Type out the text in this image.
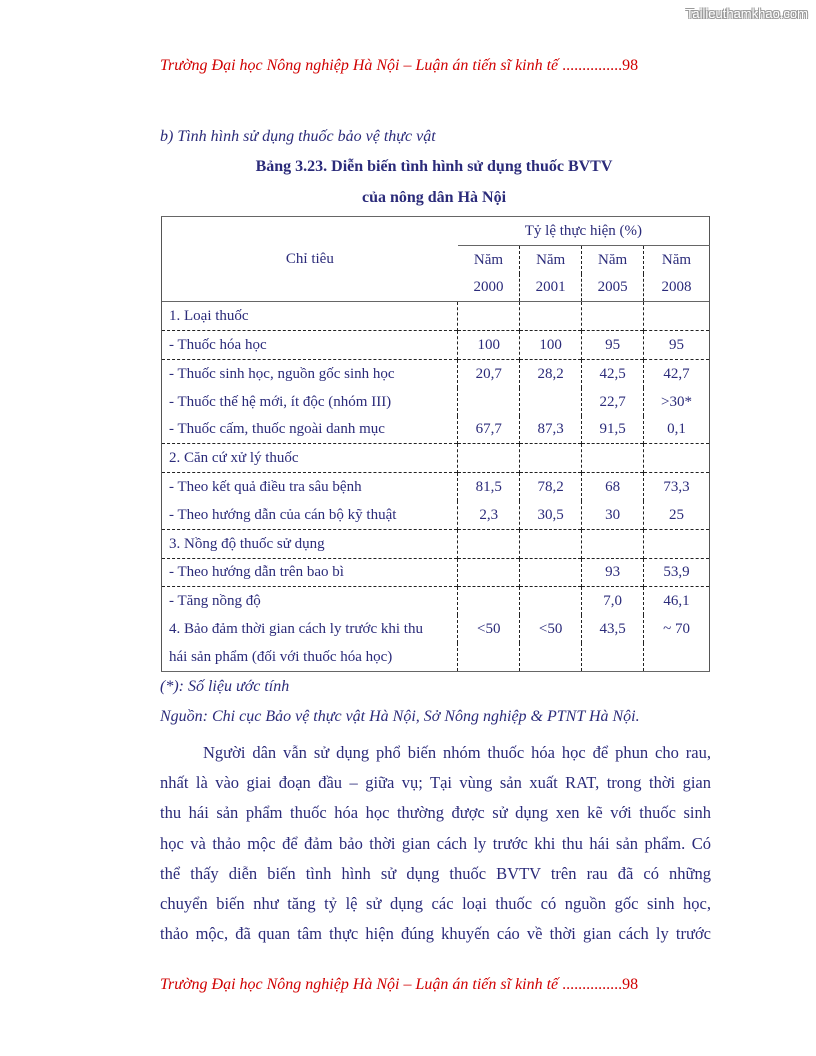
Tailieuthamkhao.com
Trường Đại học Nông nghiệp Hà Nội – Luận án tiến sĩ kinh tế ...............98
b) Tình hình sử dụng thuốc bảo vệ thực vật
Bảng 3.23. Diễn biến tình hình sử dụng thuốc BVTV
của nông dân Hà Nội
Chỉ tiêu	Tỷ lệ thực hiện (%)			
	Năm	Năm	Năm	Năm
	2000	2001	2005	2008
1. Loại thuốc				
- Thuốc hóa học	100	100	95	95
- Thuốc sinh học, nguồn gốc sinh học	20,7	28,2	42,5	42,7
- Thuốc thế hệ mới, ít độc (nhóm III)			22,7	>30*
- Thuốc cấm, thuốc ngoài danh mục	67,7	87,3	91,5	0,1
2. Căn cứ xử lý thuốc				
- Theo kết quả điều tra sâu bệnh	81,5	78,2	68	73,3
- Theo hướng dẫn của cán bộ kỹ thuật	2,3	30,5	30	25
3. Nồng độ thuốc sử dụng				
- Theo hướng dẫn trên bao bì			93	53,9
- Tăng nồng độ			7,0	46,1
4. Bảo đảm thời gian cách ly trước khi thu	<50	<50	43,5	~ 70
hái sản phẩm (đối với thuốc hóa học)				
(*): Số liệu ước tính
Nguồn: Chi cục Bảo vệ thực vật Hà Nội, Sở Nông nghiệp & PTNT Hà Nội.
Người dân vẫn sử dụng phổ biến nhóm thuốc hóa học để phun cho rau,
nhất là vào giai đoạn đầu – giữa vụ; Tại vùng sản xuất RAT, trong thời gian
thu hái sản phẩm thuốc hóa học thường được sử dụng xen kẽ với thuốc sinh
học và thảo mộc để đảm bảo thời gian cách ly trước khi thu hái sản phẩm. Có
thể thấy diễn biến tình hình sử dụng thuốc BVTV trên rau đã có những
chuyển biến như tăng tỷ lệ sử dụng các loại thuốc có nguồn gốc sinh học,
thảo mộc, đã quan tâm thực hiện đúng khuyến cáo về thời gian cách ly trước
Trường Đại học Nông nghiệp Hà Nội – Luận án tiến sĩ kinh tế ...............98
